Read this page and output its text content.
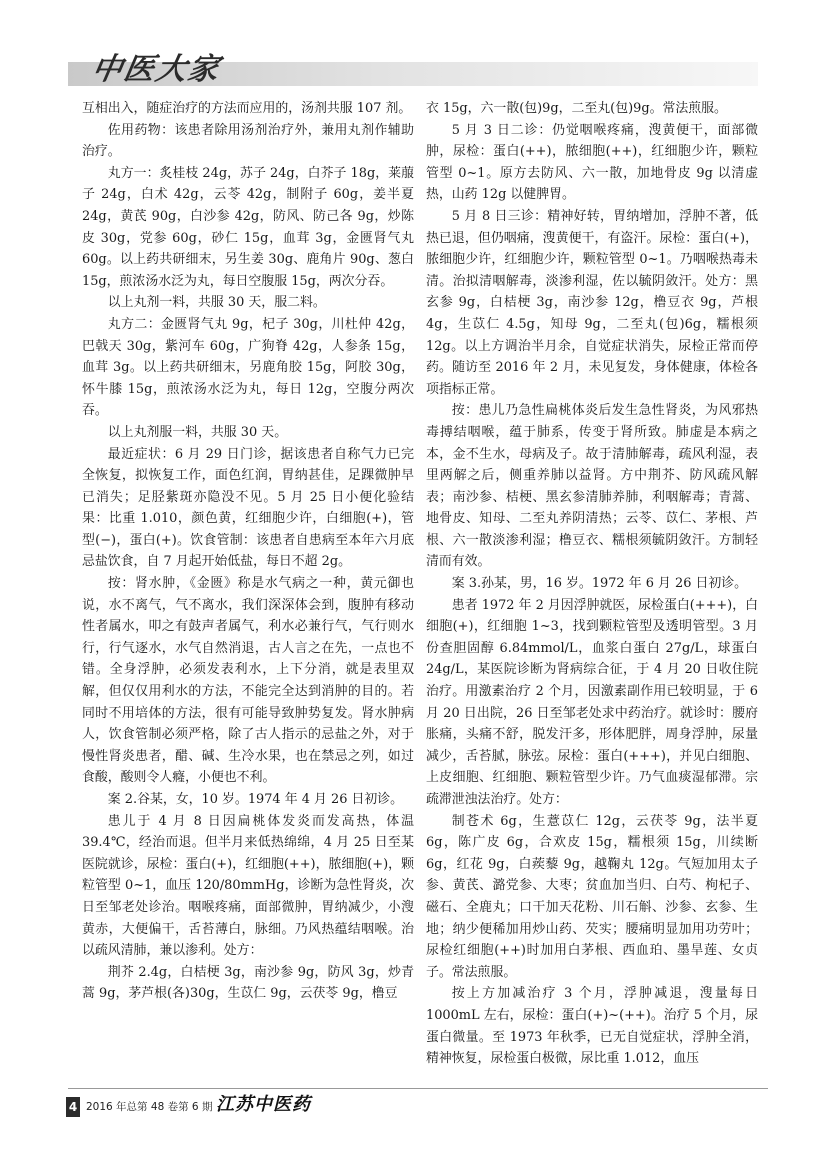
中医大家

互相出入，随症治疗的方法而应用的，汤剂共服 107 剂。

佐用药物：该患者除用汤剂治疗外，兼用丸剂作辅助治疗。

丸方一：炙桂枝 24g，苏子 24g，白芥子 18g，莱菔子 24g，白术 42g，云苓 42g，制附子 60g，姜半夏 24g，黄芪 90g，白沙参 42g，防风、防己各 9g，炒陈皮 30g，党参 60g，砂仁 15g，血茸 3g，金匮肾气丸 60g。以上药共研细末，另生姜 30g、鹿角片 90g、葱白 15g，煎浓汤水泛为丸，每日空腹服 15g，两次分吞。

以上丸剂一料，共服 30 天，服二料。

丸方二：金匮肾气丸 9g，杞子 30g，川杜仲 42g，巴戟天 30g，紫河车 60g，广狗脊 42g，人参条 15g，血茸 3g。以上药共研细末，另鹿角胶 15g，阿胶 30g，怀牛膝 15g，煎浓汤水泛为丸，每日 12g，空腹分两次吞。

以上丸剂服一料，共服 30 天。

最近症状：6 月 29 日门诊，据该患者自称气力已完全恢复，拟恢复工作，面色红润，胃纳甚佳，足踝微肿早已消失；足胫紫斑亦隐没不见。5 月 25 日小便化验结果：比重 1.010，颜色黄，红细胞少许，白细胞(+)，管型(−)，蛋白(+)。饮食管制：该患者自患病至本年六月底忌盐饮食，自 7 月起开始低盐，每日不超 2g。

按：肾水肿，《金匮》称是水气病之一种，黄元御也说，水不离气，气不离水，我们深深体会到，腹肿有移动性者属水，叩之有鼓声者属气，利水必兼行气，气行则水行，行气逐水，水气自然消退，古人言之在先，一点也不错。全身浮肿，必须发表利水，上下分消，就是表里双解，但仅仅用利水的方法，不能完全达到消肿的目的。若同时不用培体的方法，很有可能导致肿势复发。肾水肿病人，饮食管制必须严格，除了古人指示的忌盐之外，对于慢性肾炎患者，醋、碱、生冷水果，也在禁忌之列，如过食酸，酸则令人癃，小便也不利。

案 2.谷某，女，10 岁。1974 年 4 月 26 日初诊。

患儿于 4 月 8 日因扁桃体发炎而发高热，体温 39.4℃，经治而退。但半月来低热绵绵，4 月 25 日至某医院就诊，尿检：蛋白(+)，红细胞(++)，脓细胞(+)，颗粒管型 0~1，血压 120/80mmHg，诊断为急性肾炎，次日至邹老处诊治。咽喉疼痛，面部微肿，胃纳减少，小溲黄赤，大便偏干，舌苔薄白，脉细。乃风热蕴结咽喉。治以疏风清肺，兼以渗利。处方：

荆芥 2.4g，白桔梗 3g，南沙参 9g，防风 3g，炒青蒿 9g，茅芦根(各)30g，生苡仁 9g，云茯苓 9g，橹豆

衣 15g，六一散(包)9g，二至丸(包)9g。常法煎服。

5 月 3 日二诊：仍觉咽喉疼痛，溲黄便干，面部微肿，尿检：蛋白(++)，脓细胞(++)，红细胞少许，颗粒管型 0~1。原方去防风、六一散，加地骨皮 9g 以清虚热，山药 12g 以健脾胃。

5 月 8 日三诊：精神好转，胃纳增加，浮肿不著，低热已退，但仍咽痛，溲黄便干，有盗汗。尿检：蛋白(+)，脓细胞少许，红细胞少许，颗粒管型 0~1。乃咽喉热毒未清。治拟清咽解毒，淡渗利湿，佐以毓阴敛汗。处方：黑玄参 9g，白桔梗 3g，南沙参 12g，橹豆衣 9g，芦根 4g，生苡仁 4.5g，知母 9g，二至丸(包)6g，糯根须 12g。以上方调治半月余，自觉症状消失，尿检正常而停药。随访至 2016 年 2 月，未见复发，身体健康，体检各项指标正常。

按：患儿乃急性扁桃体炎后发生急性肾炎，为风邪热毒搏结咽喉，蕴于肺系，传变于肾所致。肺虚是本病之本，金不生水，母病及子。故于清肺解毒，疏风利湿，表里两解之后，侧重养肺以益肾。方中荆芥、防风疏风解表；南沙参、桔梗、黑玄参清肺养肺，利咽解毒；青蒿、地骨皮、知母、二至丸养阴清热；云苓、苡仁、茅根、芦根、六一散淡渗利湿；橹豆衣、糯根须毓阴敛汗。方制轻清而有效。

案 3.孙某，男，16 岁。1972 年 6 月 26 日初诊。

患者 1972 年 2 月因浮肿就医，尿检蛋白(+++)，白细胞(+)，红细胞 1~3，找到颗粒管型及透明管型。3 月份查胆固醇 6.84mmol/L，血浆白蛋白 27g/L，球蛋白 24g/L，某医院诊断为肾病综合征，于 4 月 20 日收住院治疗。用激素治疗 2 个月，因激素副作用已较明显，于 6 月 20 日出院，26 日至邹老处求中药治疗。就诊时：腰府胀痛，头痛不舒，脱发汗多，形体肥胖，周身浮肿，尿量减少，舌苔腻，脉弦。尿检：蛋白(+++)，并见白细胞、上皮细胞、红细胞、颗粒管型少许。乃气血痰湿郁滞。宗疏滞泄浊法治疗。处方：

制苍术 6g，生薏苡仁 12g，云茯苓 9g，法半夏 6g，陈广皮 6g，合欢皮 15g，糯根须 15g，川续断 6g，红花 9g，白蒺藜 9g，越鞠丸 12g。气短加用太子参、黄芪、潞党参、大枣；贫血加当归、白芍、枸杞子、磁石、全鹿丸；口干加天花粉、川石斛、沙参、玄参、生地；纳少便稀加用炒山药、芡实；腰痛明显加用功劳叶；尿检红细胞(++)时加用白茅根、西血珀、墨旱莲、女贞子。常法煎服。

按上方加减治疗 3 个月，浮肿减退，溲量每日 1000mL 左右，尿检：蛋白(+)~(++)。治疗 5 个月，尿蛋白微量。至 1973 年秋季，已无自觉症状，浮肿全消，精神恢复，尿检蛋白极微，尿比重 1.012，血压

4 2016 年总第 48 卷第 6 期 江苏中医药
